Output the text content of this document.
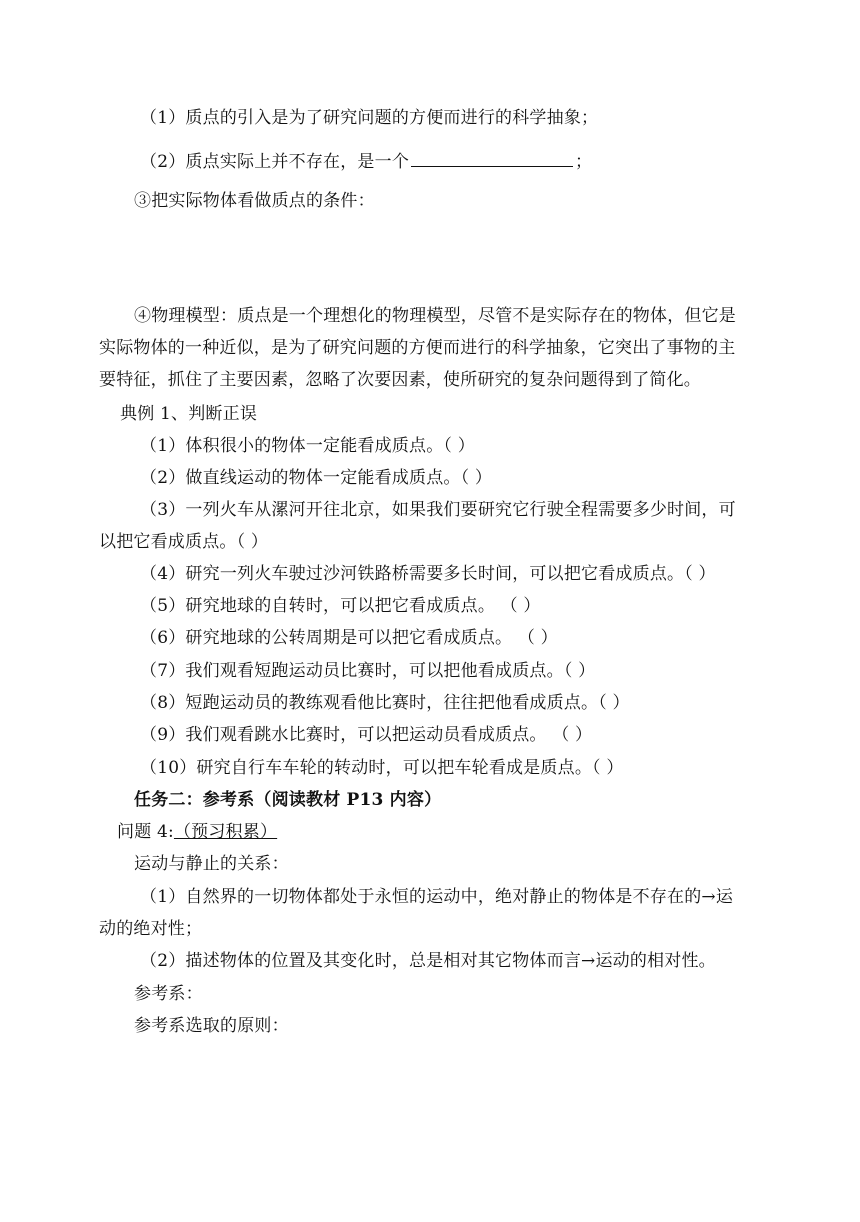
（1）质点的引入是为了研究问题的方便而进行的科学抽象；
（2）质点实际上并不存在，是一个	；
③把实际物体看做质点的条件：
④物理模型：质点是一个理想化的物理模型，尽管不是实际存在的物体，但它是
实际物体的一种近似，是为了研究问题的方便而进行的科学抽象，它突出了事物的主
要特征，抓住了主要因素，忽略了次要因素，使所研究的复杂问题得到了简化。
典例 1、判断正误
（1）体积很小的物体一定能看成质点。（ ）
（2）做直线运动的物体一定能看成质点。（ ）
（3）一列火车从漯河开往北京，如果我们要研究它行驶全程需要多少时间，可
以把它看成质点。（ ）
（4）研究一列火车驶过沙河铁路桥需要多长时间，可以把它看成质点。（ ）
（5）研究地球的自转时，可以把它看成质点。 （ ）
（6）研究地球的公转周期是可以把它看成质点。 （ ）
（7）我们观看短跑运动员比赛时，可以把他看成质点。（ ）
（8）短跑运动员的教练观看他比赛时，往往把他看成质点。（ ）
（9）我们观看跳水比赛时，可以把运动员看成质点。 （ ）
（10）研究自行车车轮的转动时，可以把车轮看成是质点。（ ）
任务二：参考系（阅读教材 P13 内容）
问题 4:（预习积累）
运动与静止的关系：
（1）自然界的一切物体都处于永恒的运动中，绝对静止的物体是不存在的→运
动的绝对性；
（2）描述物体的位置及其变化时，总是相对其它物体而言→运动的相对性。
参考系：
参考系选取的原则：
